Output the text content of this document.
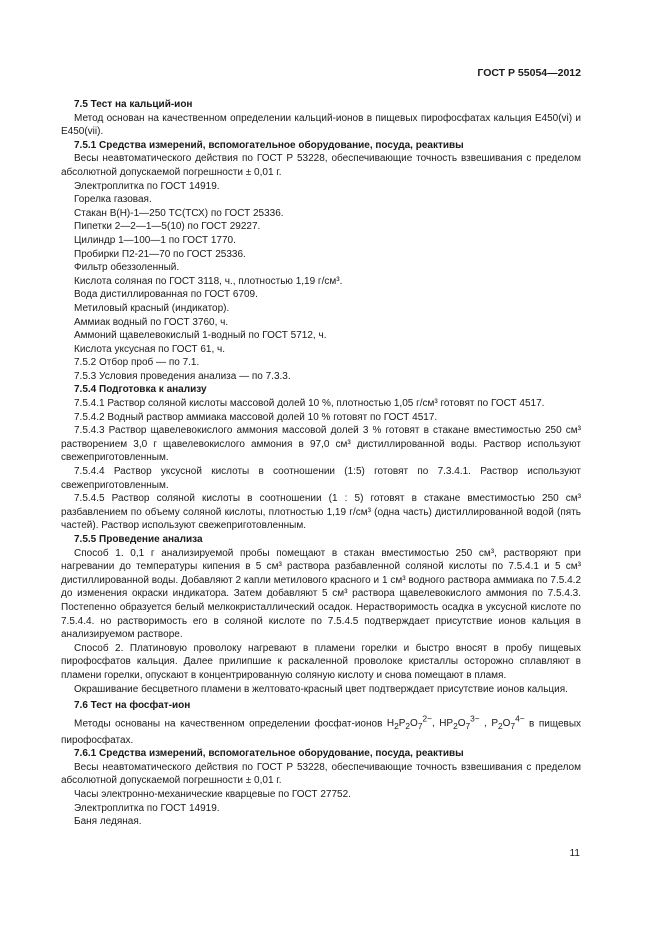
ГОСТ Р 55054—2012

7.5 Тест на кальций-ион

Метод основан на качественном определении кальций-ионов в пищевых пирофосфатах кальция E450(vi) и E450(vii).

7.5.1 Средства измерений, вспомогательное оборудование, посуда, реактивы

Весы неавтоматического действия по ГОСТ Р 53228, обеспечивающие точность взвешивания с пределом абсолютной допускаемой погрешности ± 0,01 г.

Электроплитка по ГОСТ 14919.

Горелка газовая.

Стакан В(Н)-1—250 ТС(ТСХ) по ГОСТ 25336.

Пипетки 2—2—1—5(10) по ГОСТ 29227.

Цилиндр 1—100—1 по ГОСТ 1770.

Пробирки П2-21—70 по ГОСТ 25336.

Фильтр обеззоленный.

Кислота соляная по ГОСТ 3118, ч., плотностью 1,19 г/см³.

Вода дистиллированная по ГОСТ 6709.

Метиловый красный (индикатор).

Аммиак водный по ГОСТ 3760, ч.

Аммоний щавелевокислый 1-водный по ГОСТ 5712, ч.

Кислота уксусная по ГОСТ 61, ч.

7.5.2 Отбор проб — по 7.1.

7.5.3 Условия проведения анализа — по 7.3.3.

7.5.4 Подготовка к анализу

7.5.4.1 Раствор соляной кислоты массовой долей 10 %, плотностью 1,05 г/см³ готовят по ГОСТ 4517.

7.5.4.2 Водный раствор аммиака массовой долей 10 % готовят по ГОСТ 4517.

7.5.4.3 Раствор щавелевокислого аммония массовой долей 3 % готовят в стакане вместимостью 250 см³ растворением 3,0 г щавелевокислого аммония в 97,0 см³ дистиллированной воды. Раствор используют свежеприготовленным.

7.5.4.4 Раствор уксусной кислоты в соотношении (1:5) готовят по 7.3.4.1. Раствор используют свежеприготовленным.

7.5.4.5 Раствор соляной кислоты в соотношении (1 : 5) готовят в стакане вместимостью 250 см³ разбавлением по объему соляной кислоты, плотностью 1,19 г/см³ (одна часть) дистиллированной водой (пять частей). Раствор используют свежеприготовленным.

7.5.5 Проведение анализа

Способ 1. 0,1 г анализируемой пробы помещают в стакан вместимостью 250 см³, растворяют при нагревании до температуры кипения в 5 см³ раствора разбавленной соляной кислоты по 7.5.4.1 и 5 см³ дистиллированной воды. Добавляют 2 капли метилового красного и 1 см³ водного раствора аммиака по 7.5.4.2 до изменения окраски индикатора. Затем добавляют 5 см³ раствора щавелевокислого аммония по 7.5.4.3. Постепенно образуется белый мелкокристаллический осадок. Нерастворимость осадка в уксусной кислоте по 7.5.4.4. но растворимость его в соляной кислоте по 7.5.4.5 подтверждает присутствие ионов кальция в анализируемом растворе.

Способ 2. Платиновую проволоку нагревают в пламени горелки и быстро вносят в пробу пищевых пирофосфатов кальция. Далее прилипшие к раскаленной проволоке кристаллы осторожно сплавляют в пламени горелки, опускают в концентрированную соляную кислоту и снова помещают в пламя.

Окрашивание бесцветного пламени в желтовато-красный цвет подтверждает присутствие ионов кальция.

7.6 Тест на фосфат-ион

Методы основаны на качественном определении фосфат-ионов $H_2P_2O_7^{2-}$, $HP_2O_7^{3-}$ , $P_2O_7^{4-}$ в пищевых пирофосфатах.

7.6.1 Средства измерений, вспомогательное оборудование, посуда, реактивы

Весы неавтоматического действия по ГОСТ Р 53228, обеспечивающие точность взвешивания с пределом абсолютной допускаемой погрешности ± 0,01 г.

Часы электронно-механические кварцевые по ГОСТ 27752.

Электроплитка по ГОСТ 14919.

Баня ледяная.

11
